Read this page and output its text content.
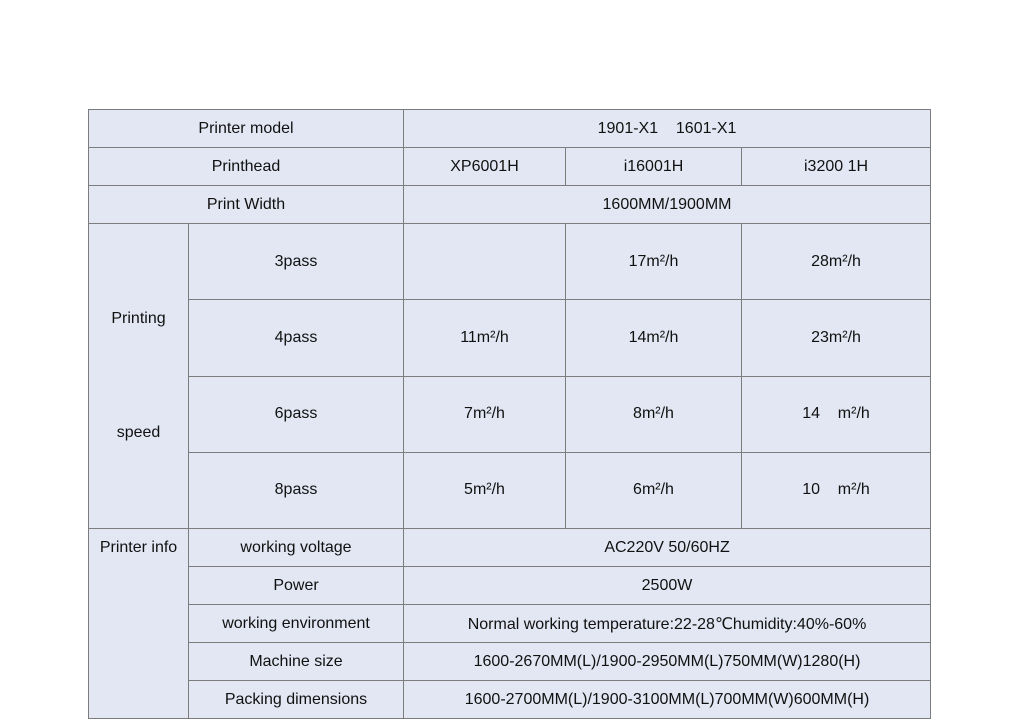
Printer model		1901-X1    1601-X1		
Printhead		XP6001H	i16001H	i3200 1H
Print Width		1600MM/1900MM		

Printing

speed	3pass		17m²/h	28m²/h
	4pass	11m²/h	14m²/h	23m²/h
	6pass	7m²/h	8m²/h	14    m²/h
	8pass	5m²/h	6m²/h	10    m²/h
Printer info	working voltage	AC220V 50/60HZ		
	Power	2500W		
	working environment	Normal working temperature:22-28℃humidity:40%-60%		
	Machine size	1600-2670MM(L)/1900-2950MM(L)750MM(W)1280(H)		
	Packing dimensions	1600-2700MM(L)/1900-3100MM(L)700MM(W)600MM(H)		
